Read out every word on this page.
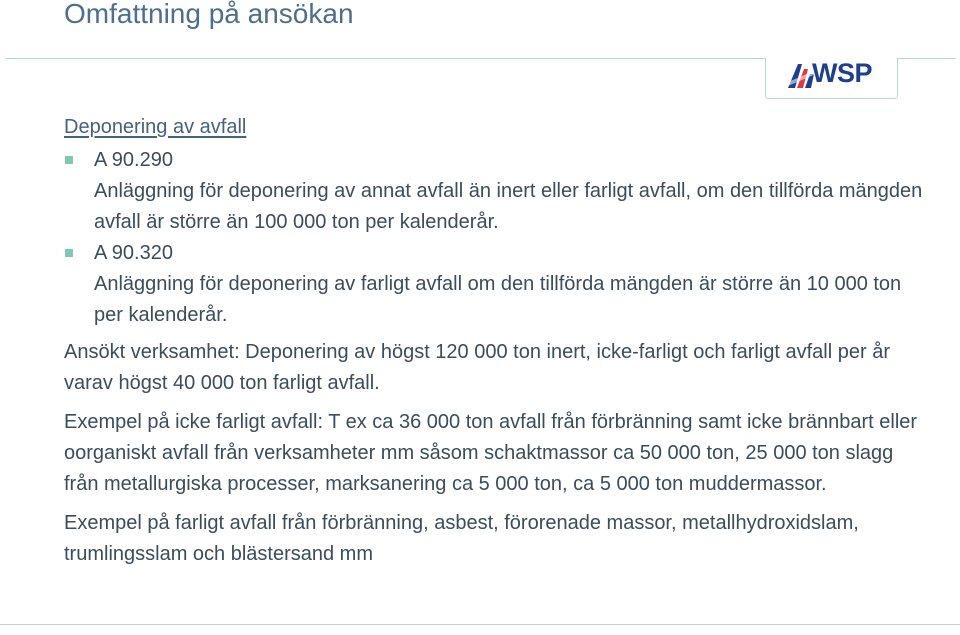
Omfattning på ansökan
WSP
Deponering av avfall
A 90.290
Anläggning för deponering av annat avfall än inert eller farligt avfall, om den tillförda mängden avfall är större än 100 000 ton per kalenderår.
A 90.320
Anläggning för deponering av farligt avfall om den tillförda mängden är större än 10 000 ton per kalenderår.

Ansökt verksamhet: Deponering av högst 120 000 ton inert, icke-farligt och farligt avfall per år varav högst 40 000 ton farligt avfall.

Exempel på icke farligt avfall: T ex ca 36 000 ton avfall från förbränning samt icke brännbart eller oorganiskt avfall från verksamheter mm såsom schaktmassor ca 50 000 ton, 25 000 ton slagg från metallurgiska processer, marksanering ca 5 000 ton, ca 5 000 ton muddermassor.

Exempel på farligt avfall från förbränning, asbest, förorenade massor, metallhydroxidslam, trumlingsslam och blästersand mm
